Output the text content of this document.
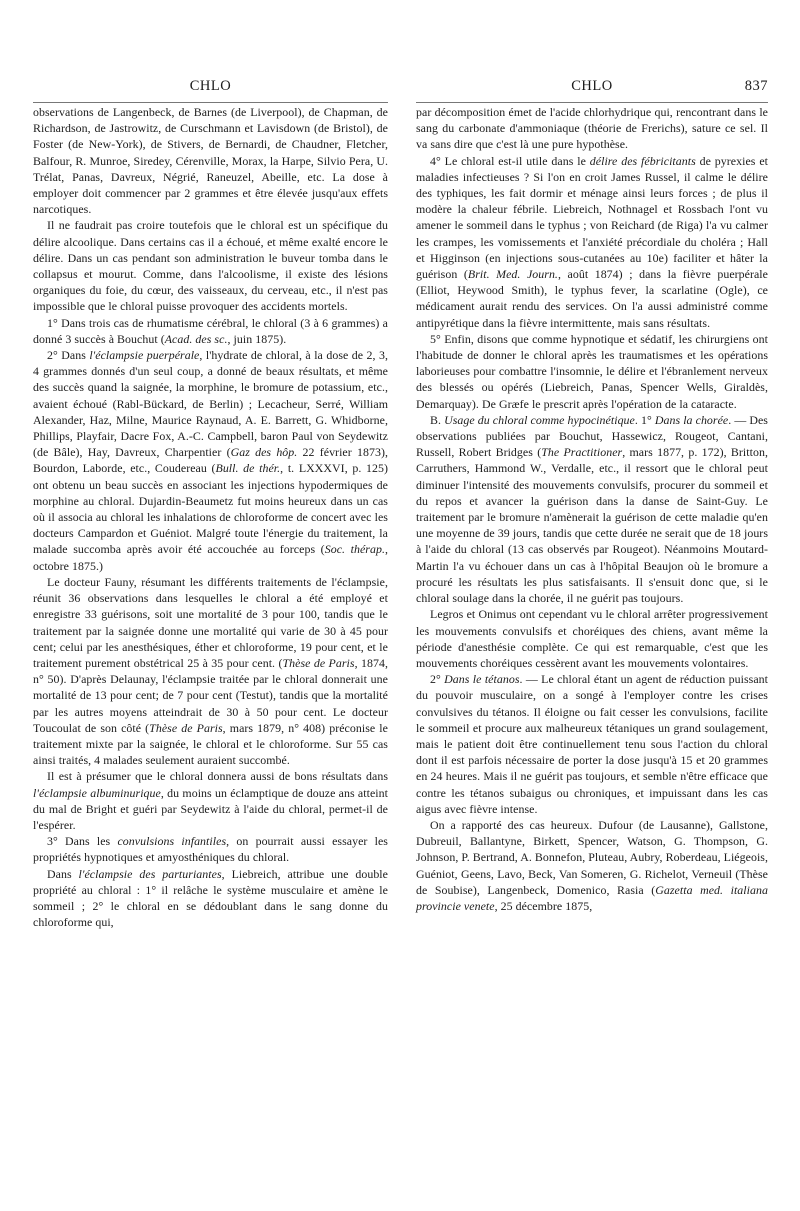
CHLO	CHLO	837

observations de Langenbeck, de Barnes (de Liverpool), de Chapman, de Richardson, de Jastrowitz, de Curschmann et Lavisdown (de Bristol), de Foster (de New-York), de Stivers, de Bernardi, de Chaudner, Fletcher, Balfour, R. Munroe, Siredey, Cérenville, Morax, la Harpe, Silvio Pera, U. Trélat, Panas, Davreux, Négrié, Raneuzel, Abeille, etc. La dose à employer doit commencer par 2 grammes et être élevée jusqu'aux effets narcotiques.

Il ne faudrait pas croire toutefois que le chloral est un spécifique du délire alcoolique. Dans certains cas il a échoué, et même exalté encore le délire. Dans un cas pendant son administration le buveur tomba dans le collapsus et mourut. Comme, dans l'alcoolisme, il existe des lésions organiques du foie, du cœur, des vaisseaux, du cerveau, etc., il n'est pas impossible que le chloral puisse provoquer des accidents mortels.

1° Dans trois cas de rhumatisme cérébral, le chloral (3 à 6 grammes) a donné 3 succès à Bouchut (Acad. des sc., juin 1875).

2° Dans l'éclampsie puerpérale, l'hydrate de chloral, à la dose de 2, 3, 4 grammes donnés d'un seul coup, a donné de beaux résultats, et même des succès quand la saignée, la morphine, le bromure de potassium, etc., avaient échoué (Rabl-Bückard, de Berlin) ; Lecacheur, Serré, William Alexander, Haz, Milne, Maurice Raynaud, A. E. Barrett, G. Whidborne, Phillips, Playfair, Dacre Fox, A.-C. Campbell, baron Paul von Seydewitz (de Bâle), Hay, Davreux, Charpentier (Gaz des hôp. 22 février 1873), Bourdon, Laborde, etc., Coudereau (Bull. de thér., t. LXXXVI, p. 125) ont obtenu un beau succès en associant les injections hypodermiques de morphine au chloral. Dujardin-Beaumetz fut moins heureux dans un cas où il associa au chloral les inhalations de chloroforme de concert avec les docteurs Campardon et Guéniot. Malgré toute l'énergie du traitement, la malade succomba après avoir été accouchée au forceps (Soc. thérap., octobre 1875.)

Le docteur Fauny, résumant les différents traitements de l'éclampsie, réunit 36 observations dans lesquelles le chloral a été employé et enregistre 33 guérisons, soit une mortalité de 3 pour 100, tandis que le traitement par la saignée donne une mortalité qui varie de 30 à 45 pour cent; celui par les anesthésiques, éther et chloroforme, 19 pour cent, et le traitement purement obstétrical 25 à 35 pour cent. (Thèse de Paris, 1874, n° 50). D'après Delaunay, l'éclampsie traitée par le chloral donnerait une mortalité de 13 pour cent; de 7 pour cent (Testut), tandis que la mortalité par les autres moyens atteindrait de 30 à 50 pour cent. Le docteur Toucoulat de son côté (Thèse de Paris, mars 1879, n° 408) préconise le traitement mixte par la saignée, le chloral et le chloroforme. Sur 55 cas ainsi traités, 4 malades seulement auraient succombé.

Il est à présumer que le chloral donnera aussi de bons résultats dans l'éclampsie albuminurique, du moins un éclamptique de douze ans atteint du mal de Bright et guéri par Seydewitz à l'aide du chloral, permet-il de l'espérer.

3° Dans les convulsions infantiles, on pourrait aussi essayer les propriétés hypnotiques et amyosthéniques du chloral.

Dans l'éclampsie des parturiantes, Liebreich, attribue une double propriété au chloral : 1° il relâche le système musculaire et amène le sommeil ; 2° le chloral en se dédoublant dans le sang donne du chloroforme qui,

par décomposition émet de l'acide chlorhydrique qui, rencontrant dans le sang du carbonate d'ammoniaque (théorie de Frerichs), sature ce sel. Il va sans dire que c'est là une pure hypothèse.

4° Le chloral est-il utile dans le délire des fébricitants de pyrexies et maladies infectieuses ? Si l'on en croit James Russel, il calme le délire des typhiques, les fait dormir et ménage ainsi leurs forces ; de plus il modère la chaleur fébrile. Liebreich, Nothnagel et Rossbach l'ont vu amener le sommeil dans le typhus ; von Reichard (de Riga) l'a vu calmer les crampes, les vomissements et l'anxiété précordiale du choléra ; Hall et Higginson (en injections sous-cutanées au 10e) faciliter et hâter la guérison (Brit. Med. Journ., août 1874) ; dans la fièvre puerpérale (Elliot, Heywood Smith), le typhus fever, la scarlatine (Ogle), ce médicament aurait rendu des services. On l'a aussi administré comme antipyrétique dans la fièvre intermittente, mais sans résultats.

5° Enfin, disons que comme hypnotique et sédatif, les chirurgiens ont l'habitude de donner le chloral après les traumatismes et les opérations laborieuses pour combattre l'insomnie, le délire et l'ébranlement nerveux des blessés ou opérés (Liebreich, Panas, Spencer Wells, Giraldès, Demarquay). De Græfe le prescrit après l'opération de la cataracte.

B. Usage du chloral comme hypocinétique. 1° Dans la chorée. — Des observations publiées par Bouchut, Hassewicz, Rougeot, Cantani, Russell, Robert Bridges (The Practitioner, mars 1877, p. 172), Britton, Carruthers, Hammond W., Verdalle, etc., il ressort que le chloral peut diminuer l'intensité des mouvements convulsifs, procurer du sommeil et du repos et avancer la guérison dans la danse de Saint-Guy. Le traitement par le bromure n'amènerait la guérison de cette maladie qu'en une moyenne de 39 jours, tandis que cette durée ne serait que de 18 jours à l'aide du chloral (13 cas observés par Rougeot). Néanmoins Moutard-Martin l'a vu échouer dans un cas à l'hôpital Beaujon où le bromure a procuré les résultats les plus satisfaisants. Il s'ensuit donc que, si le chloral soulage dans la chorée, il ne guérit pas toujours.

Legros et Onimus ont cependant vu le chloral arrêter progressivement les mouvements convulsifs et choréiques des chiens, avant même la période d'anesthésie complète. Ce qui est remarquable, c'est que les mouvements choréiques cessèrent avant les mouvements volontaires.

2° Dans le tétanos. — Le chloral étant un agent de réduction puissant du pouvoir musculaire, on a songé à l'employer contre les crises convulsives du tétanos. Il éloigne ou fait cesser les convulsions, facilite le sommeil et procure aux malheureux tétaniques un grand soulagement, mais le patient doit être continuellement tenu sous l'action du chloral dont il est parfois nécessaire de porter la dose jusqu'à 15 et 20 grammes en 24 heures. Mais il ne guérit pas toujours, et semble n'être efficace que contre les tétanos subaigus ou chroniques, et impuissant dans les cas aigus avec fièvre intense.

On a rapporté des cas heureux. Dufour (de Lausanne), Gallstone, Dubreuil, Ballantyne, Birkett, Spencer, Watson, G. Thompson, G. Johnson, P. Bertrand, A. Bonnefon, Pluteau, Aubry, Roberdeau, Liégeois, Guéniot, Geens, Lavo, Beck, Van Someren, G. Richelot, Verneuil (Thèse de Soubise), Langenbeck, Domenico, Rasia (Gazetta med. italiana provincie venete, 25 décembre 1875,
